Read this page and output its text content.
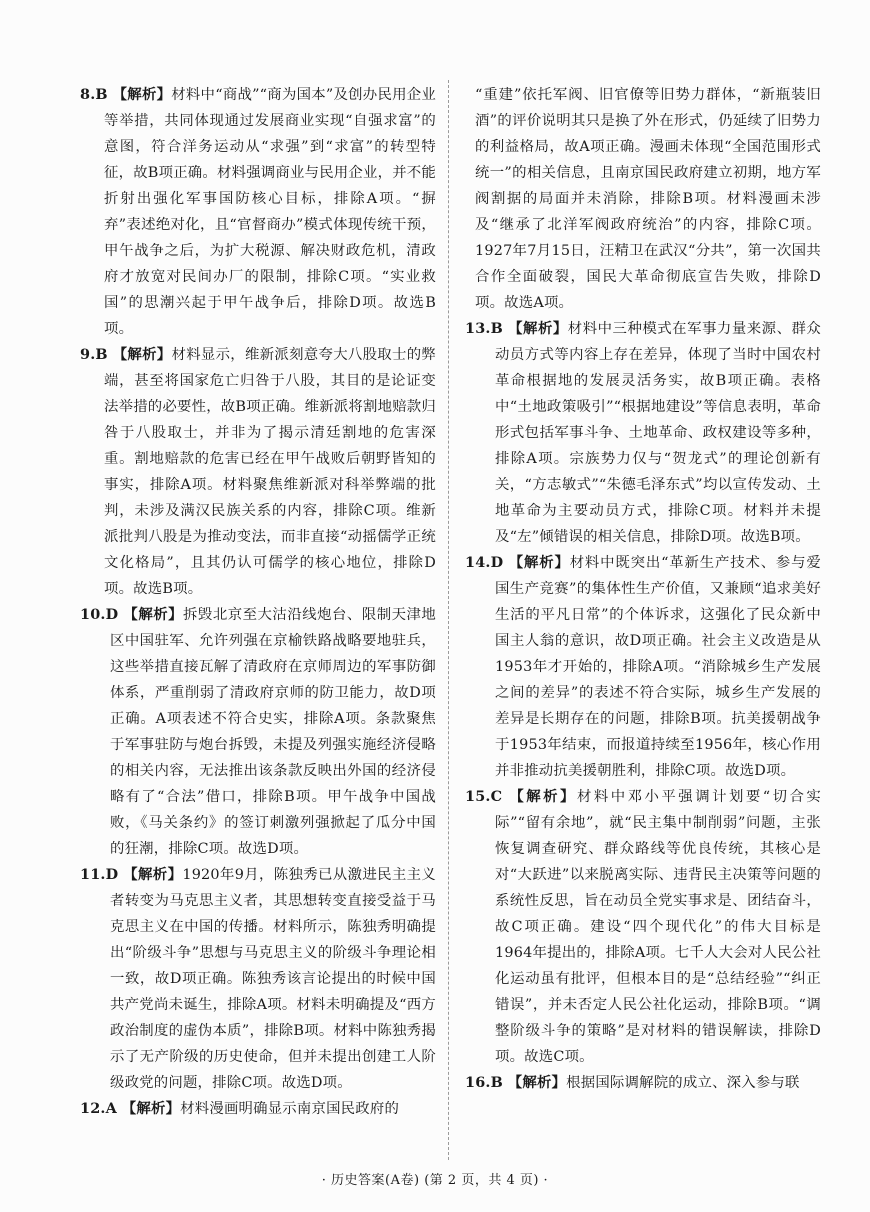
8.B 【解析】材料中“商战”“商为国本”及创办民用企业等举措，共同体现通过发展商业实现“自强求富”的意图，符合洋务运动从“求强”到“求富”的转型特征，故B项正确。材料强调商业与民用企业，并不能折射出强化军事国防核心目标，排除A项。“摒弃”表述绝对化，且“官督商办”模式体现传统干预，甲午战争之后，为扩大税源、解决财政危机，清政府才放宽对民间办厂的限制，排除C项。“实业救国”的思潮兴起于甲午战争后，排除D项。故选B项。

9.B 【解析】材料显示，维新派刻意夸大八股取士的弊端，甚至将国家危亡归咎于八股，其目的是论证变法举措的必要性，故B项正确。维新派将割地赔款归咎于八股取士，并非为了揭示清廷割地的危害深重。割地赔款的危害已经在甲午战败后朝野皆知的事实，排除A项。材料聚焦维新派对科举弊端的批判，未涉及满汉民族关系的内容，排除C项。维新派批判八股是为推动变法，而非直接“动摇儒学正统文化格局”，且其仍认可儒学的核心地位，排除D项。故选B项。

10.D 【解析】拆毁北京至大沽沿线炮台、限制天津地区中国驻军、允许列强在京榆铁路战略要地驻兵，这些举措直接瓦解了清政府在京师周边的军事防御体系，严重削弱了清政府京师的防卫能力，故D项正确。A项表述不符合史实，排除A项。条款聚焦于军事驻防与炮台拆毁，未提及列强实施经济侵略的相关内容，无法推出该条款反映出外国的经济侵略有了“合法”借口，排除B项。甲午战争中国战败，《马关条约》的签订刺激列强掀起了瓜分中国的狂潮，排除C项。故选D项。

11.D 【解析】1920年9月，陈独秀已从激进民主主义者转变为马克思主义者，其思想转变直接受益于马克思主义在中国的传播。材料所示，陈独秀明确提出“阶级斗争”思想与马克思主义的阶级斗争理论相一致，故D项正确。陈独秀该言论提出的时候中国共产党尚未诞生，排除A项。材料未明确提及“西方政治制度的虚伪本质”，排除B项。材料中陈独秀揭示了无产阶级的历史使命，但并未提出创建工人阶级政党的问题，排除C项。故选D项。

12.A 【解析】材料漫画明确显示南京国民政府的

“重建”依托军阀、旧官僚等旧势力群体，“新瓶装旧酒”的评价说明其只是换了外在形式，仍延续了旧势力的利益格局，故A项正确。漫画未体现“全国范围形式统一”的相关信息，且南京国民政府建立初期，地方军阀割据的局面并未消除，排除B项。材料漫画未涉及“继承了北洋军阀政府统治”的内容，排除C项。1927年7月15日，汪精卫在武汉“分共”，第一次国共合作全面破裂，国民大革命彻底宣告失败，排除D项。故选A项。

13.B 【解析】材料中三种模式在军事力量来源、群众动员方式等内容上存在差异，体现了当时中国农村革命根据地的发展灵活务实，故B项正确。表格中“土地政策吸引”“根据地建设”等信息表明，革命形式包括军事斗争、土地革命、政权建设等多种，排除A项。宗族势力仅与“贺龙式”的理论创新有关，“方志敏式”“朱德毛泽东式”均以宣传发动、土地革命为主要动员方式，排除C项。材料并未提及“左”倾错误的相关信息，排除D项。故选B项。

14.D 【解析】材料中既突出“革新生产技术、参与爱国生产竞赛”的集体性生产价值，又兼顾“追求美好生活的平凡日常”的个体诉求，这强化了民众新中国主人翁的意识，故D项正确。社会主义改造是从1953年才开始的，排除A项。“消除城乡生产发展之间的差异”的表述不符合实际，城乡生产发展的差异是长期存在的问题，排除B项。抗美援朝战争于1953年结束，而报道持续至1956年，核心作用并非推动抗美援朝胜利，排除C项。故选D项。

15.C 【解析】材料中邓小平强调计划要“切合实际”“留有余地”，就“民主集中制削弱”问题，主张恢复调查研究、群众路线等优良传统，其核心是对“大跃进”以来脱离实际、违背民主决策等问题的系统性反思，旨在动员全党实事求是、团结奋斗，故C项正确。建设“四个现代化”的伟大目标是1964年提出的，排除A项。七千人大会对人民公社化运动虽有批评，但根本目的是“总结经验”“纠正错误”，并未否定人民公社化运动，排除B项。“调整阶级斗争的策略”是对材料的错误解读，排除D项。故选C项。

16.B 【解析】根据国际调解院的成立、深入参与联

· 历史答案(A卷) (第 2 页，共 4 页) ·
